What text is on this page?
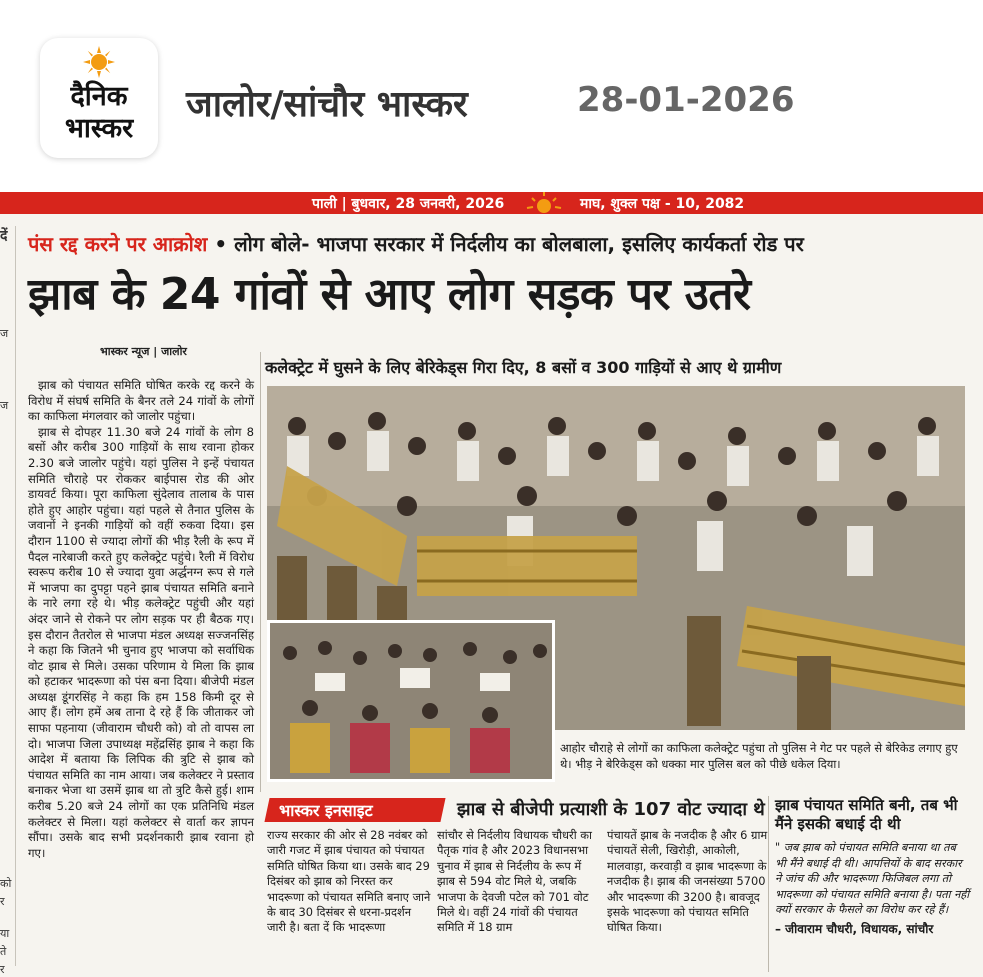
दैनिक
भास्कर
जालोर/सांचौर भास्कर	28-01-2026
पाली | बुधवार, 28 जनवरी, 2026	माघ, शुक्ल पक्ष - 10, 2082
दें
ज
ज
को
र
या
ते
र
पंस रद्द करने पर आक्रोश • लोग बोले- भाजपा सरकार में निर्दलीय का बोलबाला, इसलिए कार्यकर्ता रोड पर
झाब के 24 गांवों से आए लोग सड़क पर उतरे
भास्कर न्यूज | जालोर

झाब को पंचायत समिति घोषित करके रद्द करने के विरोध में संघर्ष समिति के बैनर तले 24 गांवों के लोगों का काफिला मंगलवार को जालोर पहुंचा।

झाब से दोपहर 11.30 बजे 24 गांवों के लोग 8 बसों और करीब 300 गाड़ियों के साथ रवाना होकर 2.30 बजे जालोर पहुंचे। यहां पुलिस ने इन्हें पंचायत समिति चौराहे पर रोककर बाईपास रोड की ओर डायवर्ट किया। पूरा काफिला सुंदेलाव तालाब के पास होते हुए आहोर पहुंचा। यहां पहले से तैनात पुलिस के जवानों ने इनकी गाड़ियों को वहीं रुकवा दिया। इस दौरान 1100 से ज्यादा लोगों की भीड़ रैली के रूप में पैदल नारेबाजी करते हुए कलेक्ट्रेट पहुंचे। रैली में विरोध स्वरूप करीब 10 से ज्यादा युवा अर्द्धनग्न रूप से गले में भाजपा का दुपट्टा पहने झाब पंचायत समिति बनाने के नारे लगा रहे थे। भीड़ कलेक्ट्रेट पहुंची और यहां अंदर जाने से रोकने पर लोग सड़क पर ही बैठक गए। इस दौरान तैतरोल से भाजपा मंडल अध्यक्ष सज्जनसिंह ने कहा कि जितने भी चुनाव हुए भाजपा को सर्वाधिक वोट झाब से मिले। उसका परिणाम ये मिला कि झाब को हटाकर भादरूणा को पंस बना दिया। बीजेपी मंडल अध्यक्ष डूंगरसिंह ने कहा कि हम 158 किमी दूर से आए हैं। लोग हमें अब ताना दे रहे हैं कि जीताकर जो साफा पहनाया (जीवाराम चौधरी को) वो तो वापस ला दो। भाजपा जिला उपाध्यक्ष महेंद्रसिंह झाब ने कहा कि आदेश में बताया कि लिपिक की त्रुटि से झाब को पंचायत समिति का नाम आया। जब कलेक्टर ने प्रस्ताव बनाकर भेजा था उसमें झाब था तो त्रुटि कैसे हुई। शाम करीब 5.20 बजे 24 लोगों का एक प्रतिनिधि मंडल कलेक्टर से मिला। यहां कलेक्टर से वार्ता कर ज्ञापन सौंपा। उसके बाद सभी प्रदर्शनकारी झाब रवाना हो गए।

कलेक्ट्रेट में घुसने के लिए बेरिकेड्स गिरा दिए, 8 बसों व 300 गाड़ियों से आए थे ग्रामीण
आहोर चौराहे से लोगों का काफिला कलेक्ट्रेट पहुंचा तो पुलिस ने गेट पर पहले से बेरिकेड लगाए हुए थे। भीड़ ने बेरिकेड्स को धक्का मार पुलिस बल को पीछे धकेल दिया।
भास्कर इनसाइट	झाब से बीजेपी प्रत्याशी के 107 वोट ज्यादा थे
राज्य सरकार की ओर से 28 नवंबर को जारी गजट में झाब पंचायत को पंचायत समिति घोषित किया था। उसके बाद 29 दिसंबर को झाब को निरस्त कर भादरूणा को पंचायत समिति बनाए जाने के बाद 30 दिसंबर से धरना-प्रदर्शन जारी है। बता दें कि भादरूणा
सांचौर से निर्दलीय विधायक चौधरी का पैतृक गांव है और 2023 विधानसभा चुनाव में झाब से निर्दलीय के रूप में झाब से 594 वोट मिले थे, जबकि भाजपा के देवजी पटेल को 701 वोट मिले थे। वहीं 24 गांवों की पंचायत समिति में 18 ग्राम
पंचायतें झाब के नजदीक है और 6 ग्राम पंचायतें सेली, खिरोड़ी, आकोली, मालवाड़ा, करवाड़ी व झाब भादरूणा के नजदीक है। झाब की जनसंख्या 5700 और भादरूणा की 3200 है। बावजूद इसके भादरूणा को पंचायत समिति घोषित किया।
झाब पंचायत समिति बनी, तब भी मैंने इसकी बधाई दी थी
" जब झाब को पंचायत समिति बनाया था तब भी मैंने बधाई दी थी। आपत्तियों के बाद सरकार ने जांच की और भादरूणा फिजिबल लगा तो भादरूणा को पंचायत समिति बनाया है। पता नहीं क्यों सरकार के फैसले का विरोध कर रहे हैं।
– जीवाराम चौधरी, विधायक, सांचौर
